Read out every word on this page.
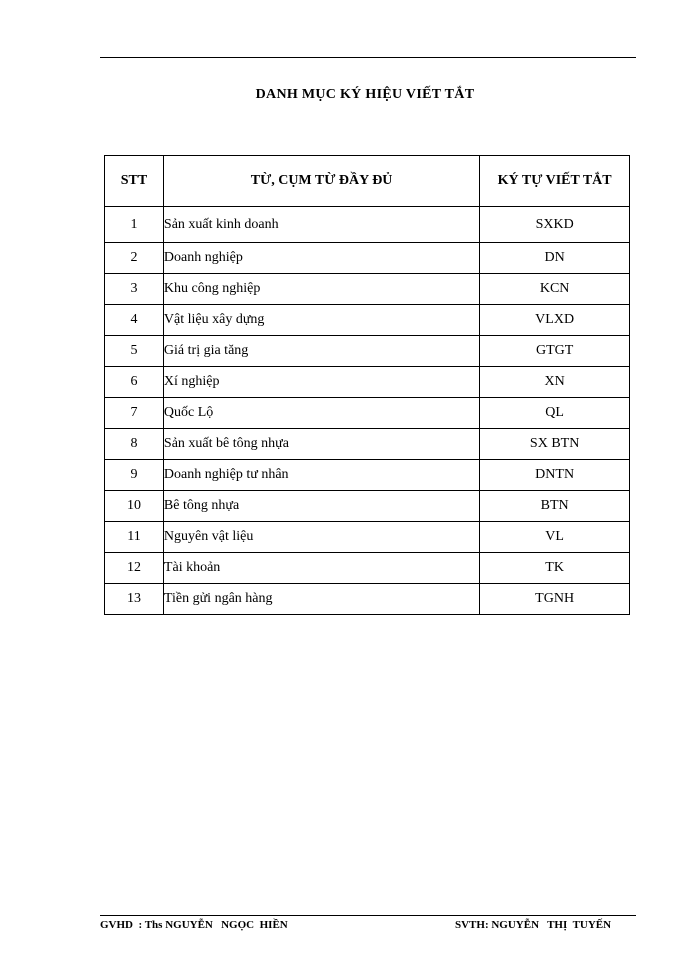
DANH MỤC KÝ HIỆU VIẾT TẮT
STT	TỪ, CỤM TỪ ĐẦY ĐỦ	KÝ TỰ VIẾT TẮT
1	Sản xuất kinh doanh	SXKD
2	Doanh nghiệp	DN
3	Khu công nghiệp	KCN
4	Vật liệu xây dựng	VLXD
5	Giá trị gia tăng	GTGT
6	Xí nghiệp	XN
7	Quốc Lộ	QL
8	Sản xuất bê tông nhựa	SX BTN
9	Doanh nghiệp tư nhân	DNTN
10	Bê tông nhựa	BTN
11	Nguyên vật liệu	VL
12	Tài khoản	TK
13	Tiền gửi ngân hàng	TGNH
GVHD  : Ths NGUYỄN   NGỌC  HIỀN	SVTH: NGUYỄN   THỊ  TUYẾN
